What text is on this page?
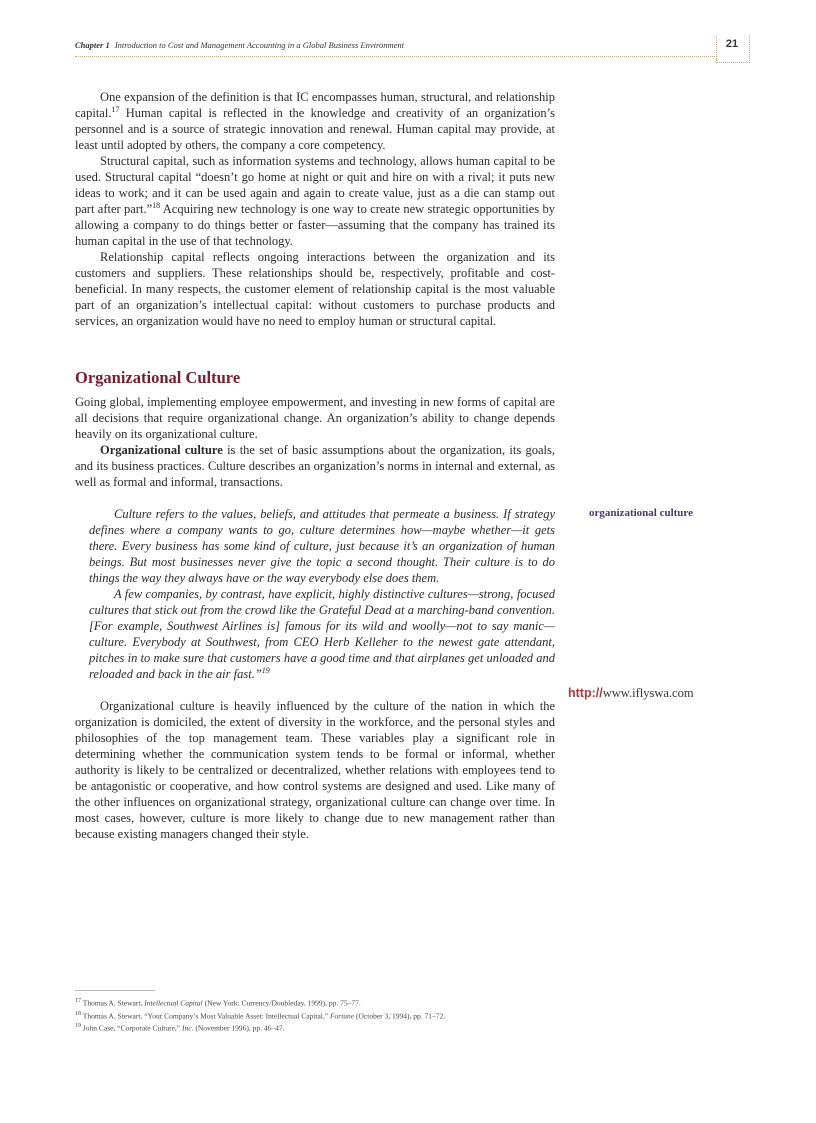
Chapter 1 Introduction to Cost and Management Accounting in a Global Business Environment	21

One expansion of the definition is that IC encompasses human, structural, and relationship capital.$^{17}$ Human capital is reflected in the knowledge and creativity of an organization’s personnel and is a source of strategic innovation and renewal. Human capital may provide, at least until adopted by others, the company a core competency.

Structural capital, such as information systems and technology, allows human capital to be used. Structural capital “doesn’t go home at night or quit and hire on with a rival; it puts new ideas to work; and it can be used again and again to create value, just as a die can stamp out part after part.”$^{18}$ Acquiring new technology is one way to create new strategic opportunities by allowing a company to do things better or faster—assuming that the company has trained its human capital in the use of that technology.

Relationship capital reflects ongoing interactions between the organization and its customers and suppliers. These relationships should be, respectively, profitable and cost-beneficial. In many respects, the customer element of relationship capital is the most valuable part of an organization’s intellectual capital: without customers to purchase products and services, an organization would have no need to employ human or structural capital.

Organizational Culture

Going global, implementing employee empowerment, and investing in new forms of capital are all decisions that require organizational change. An organization’s ability to change depends heavily on its organizational culture.

Organizational culture is the set of basic assumptions about the organization, its goals, and its business practices. Culture describes an organization’s norms in internal and external, as well as formal and informal, transactions.

Culture refers to the values, beliefs, and attitudes that permeate a business. If strategy defines where a company wants to go, culture determines how—maybe whether—it gets there. Every business has some kind of culture, just because it’s an organization of human beings. But most businesses never give the topic a second thought. Their culture is to do things the way they always have or the way everybody else does them.

A few companies, by contrast, have explicit, highly distinctive cultures—strong, focused cultures that stick out from the crowd like the Grateful Dead at a marching-band convention. [For example, Southwest Airlines is] famous for its wild and woolly—not to say manic—culture. Everybody at Southwest, from CEO Herb Kelleher to the newest gate attendant, pitches in to make sure that customers have a good time and that airplanes get unloaded and reloaded and back in the air fast.”$^{19}$

Organizational culture is heavily influenced by the culture of the nation in which the organization is domiciled, the extent of diversity in the workforce, and the personal styles and philosophies of the top management team. These variables play a significant role in determining whether the communication system tends to be formal or informal, whether authority is likely to be centralized or decentralized, whether relations with employees tend to be antagonistic or cooperative, and how control systems are designed and used. Like many of the other influences on organizational strategy, organizational culture can change over time. In most cases, however, culture is more likely to change due to new management rather than because existing managers changed their style.

organizational culture
http://www.iflyswa.com
$^{17}$ Thomas A. Stewart, Intellectual Capital (New York: Currency/Doubleday, 1999), pp. 75–77.
$^{18}$ Thomas A. Stewart, “Your Company’s Most Valuable Asset: Intellectual Capital,” Fortune (October 3, 1994), pp. 71–72.
$^{19}$ John Case, “Corporate Culture,” Inc. (November 1996), pp. 46–47.
